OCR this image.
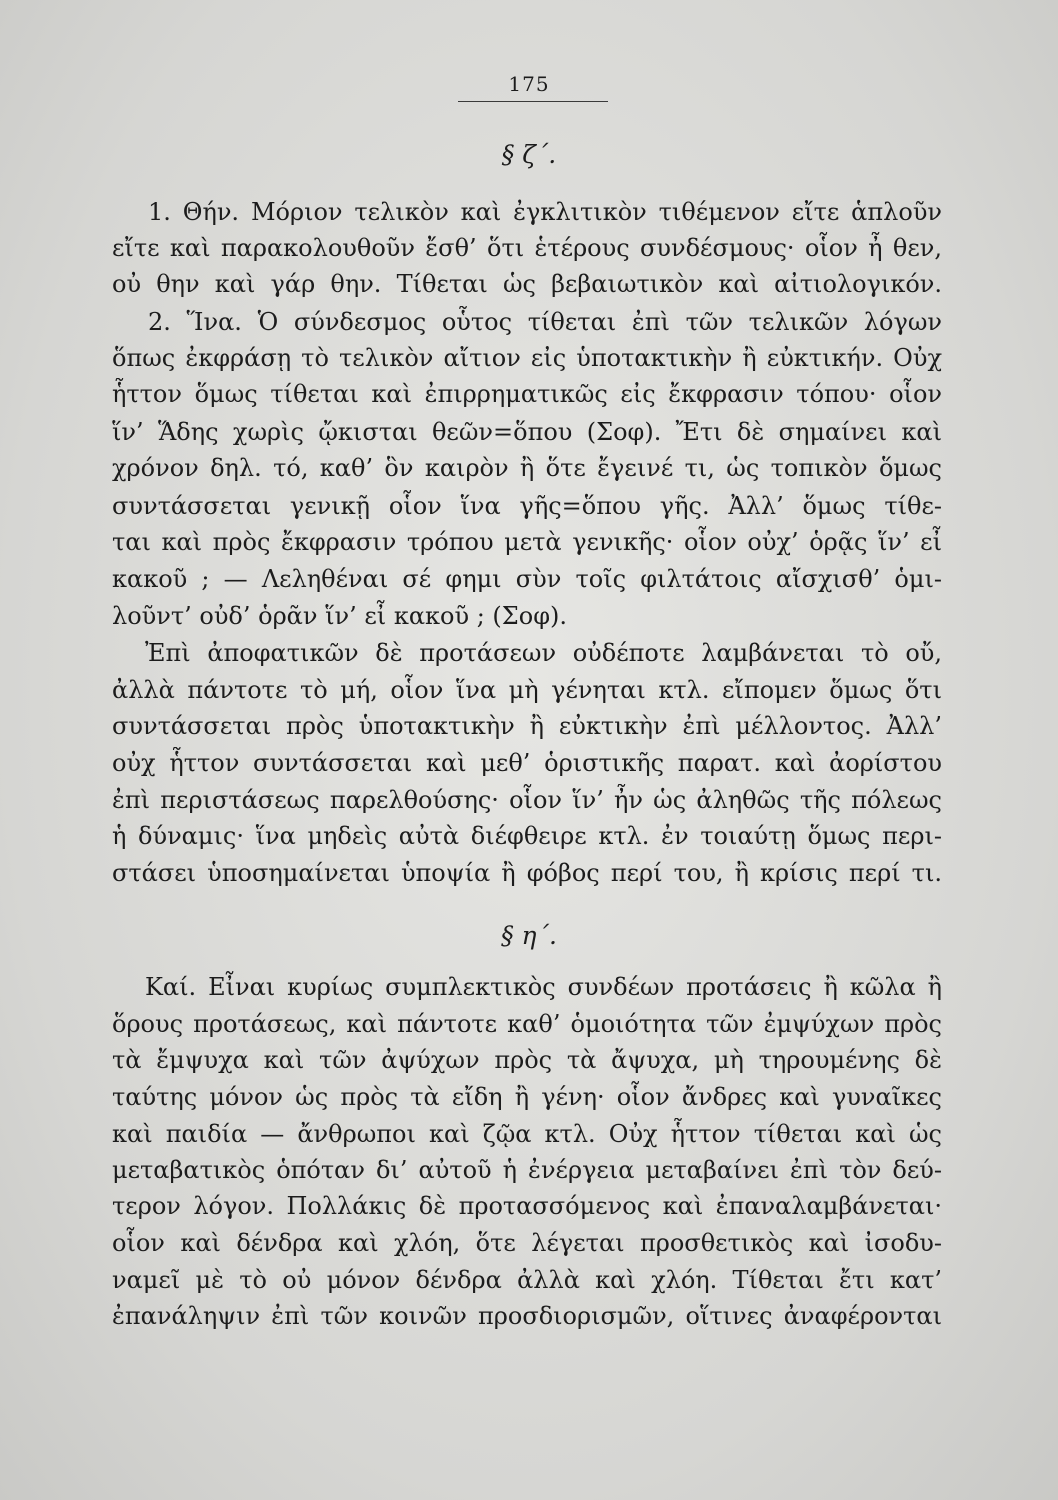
175
§ ζ΄.
1. Θήν. Μόριον τελικὸν καὶ ἐγκλιτικὸν τιθέμενον εἴτε ἁπλοῦν
εἴτε καὶ παρακολουθοῦν ἔσθ’ ὅτι ἑτέρους συνδέσμους· οἷον ἦ θεν,
οὐ θην καὶ γάρ θην. Τίθεται ὡς βεβαιωτικὸν καὶ αἰτιολογικόν.
2. Ἵνα. Ὁ σύνδεσμος οὗτος τίθεται ἐπὶ τῶν τελικῶν λόγων
ὅπως ἐκφράσῃ τὸ τελικὸν αἴτιον εἰς ὑποτακτικὴν ἢ εὐκτικήν. Οὐχ
ἧττον ὅμως τίθεται καὶ ἐπιρρηματικῶς εἰς ἔκφρασιν τόπου· οἷον
ἵν’ Ἅδης χωρὶς ᾤκισται θεῶν=ὅπου (Σοφ). Ἔτι δὲ σημαίνει καὶ
χρόνον δηλ. τό, καθ’ ὃν καιρὸν ἢ ὅτε ἔγεινέ τι, ὡς τοπικὸν ὅμως
συντάσσεται γενικῇ οἷον ἵνα γῆς=ὅπου γῆς. Ἀλλ’ ὅμως τίθε-
ται καὶ πρὸς ἔκφρασιν τρόπου μετὰ γενικῆς· οἷον οὐχ’ ὁρᾷς ἵν’ εἶ
κακοῦ ; — Λεληθέναι σέ φημι σὺν τοῖς φιλτάτοις αἴσχισθ’ ὁμι-
λοῦντ’ οὐδ’ ὁρᾶν ἵν’ εἶ κακοῦ ; (Σοφ).
Ἐπὶ ἀποφατικῶν δὲ προτάσεων οὐδέποτε λαμβάνεται τὸ οὔ,
ἀλλὰ πάντοτε τὸ μή, οἷον ἵνα μὴ γένηται κτλ. εἴπομεν ὅμως ὅτι
συντάσσεται πρὸς ὑποτακτικὴν ἢ εὐκτικὴν ἐπὶ μέλλοντος. Ἀλλ’
οὐχ ἧττον συντάσσεται καὶ μεθ’ ὁριστικῆς παρατ. καὶ ἀορίστου
ἐπὶ περιστάσεως παρελθούσης· οἷον ἵν’ ἦν ὡς ἀληθῶς τῆς πόλεως
ἡ δύναμις· ἵνα μηδεὶς αὐτὰ διέφθειρε κτλ. ἐν τοιαύτῃ ὅμως περι-
στάσει ὑποσημαίνεται ὑποψία ἢ φόβος περί του, ἢ κρίσις περί τι.
§ η΄.
Καί. Εἶναι κυρίως συμπλεκτικὸς συνδέων προτάσεις ἢ κῶλα ἢ
ὅρους προτάσεως, καὶ πάντοτε καθ’ ὁμοιότητα τῶν ἐμψύχων πρὸς
τὰ ἔμψυχα καὶ τῶν ἀψύχων πρὸς τὰ ἄψυχα, μὴ τηρουμένης δὲ
ταύτης μόνον ὡς πρὸς τὰ εἴδη ἢ γένη· οἷον ἄνδρες καὶ γυναῖκες
καὶ παιδία — ἄνθρωποι καὶ ζῷα κτλ. Οὐχ ἧττον τίθεται καὶ ὡς
μεταβατικὸς ὁπόταν δι’ αὐτοῦ ἡ ἐνέργεια μεταβαίνει ἐπὶ τὸν δεύ-
τερον λόγον. Πολλάκις δὲ προτασσόμενος καὶ ἐπαναλαμβάνεται·
οἷον καὶ δένδρα καὶ χλόη, ὅτε λέγεται προσθετικὸς καὶ ἰσοδυ-
ναμεῖ μὲ τὸ οὐ μόνον δένδρα ἀλλὰ καὶ χλόη. Τίθεται ἔτι κατ’
ἐπανάληψιν ἐπὶ τῶν κοινῶν προσδιορισμῶν, οἵτινες ἀναφέρονται
